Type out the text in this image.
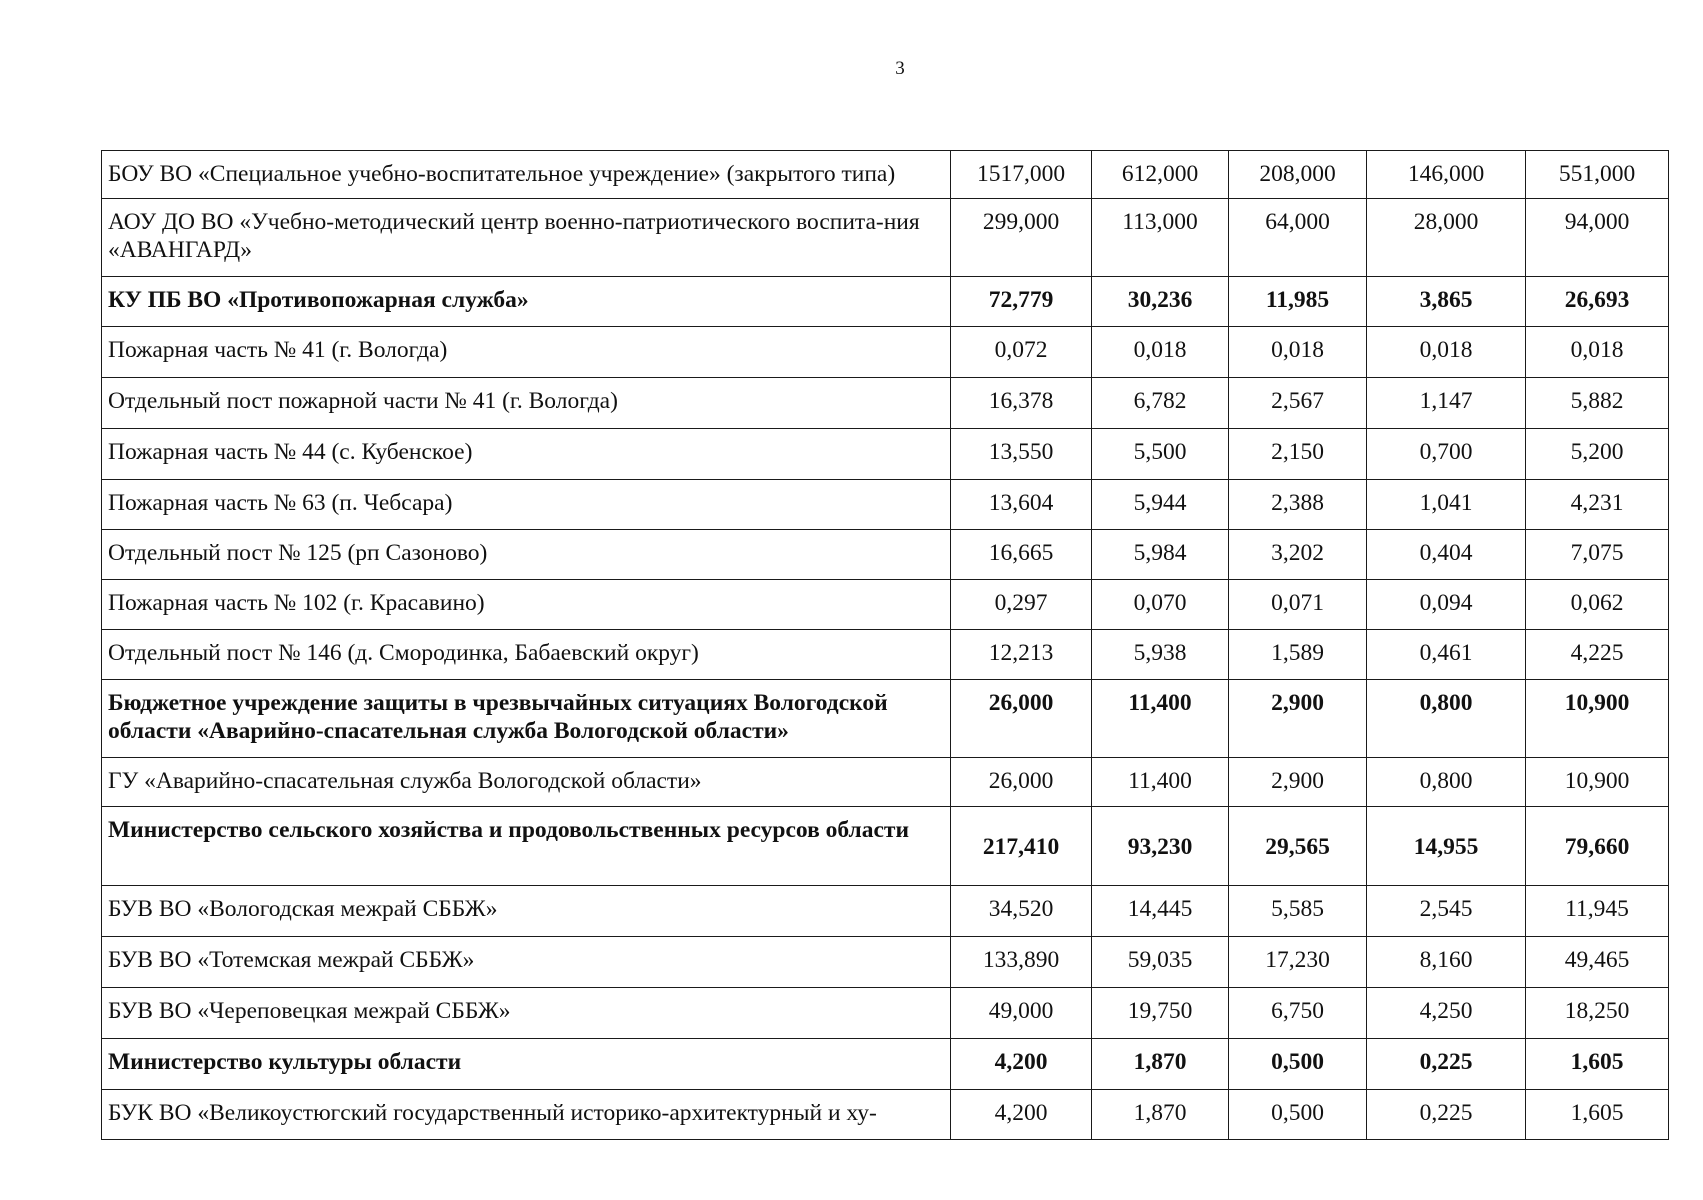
3
БОУ ВО «Специальное учебно-воспитательное учреждение» (закрытого типа)	1517,000	612,000	208,000	146,000	551,000
АОУ ДО ВО «Учебно-методический центр военно-патриотического воспита-ния «АВАНГАРД»	299,000	113,000	64,000	28,000	94,000
КУ ПБ ВО «Противопожарная служба»	72,779	30,236	11,985	3,865	26,693
Пожарная часть № 41 (г. Вологда)	0,072	0,018	0,018	0,018	0,018
Отдельный пост пожарной части № 41 (г. Вологда)	16,378	6,782	2,567	1,147	5,882
Пожарная часть № 44 (с. Кубенское)	13,550	5,500	2,150	0,700	5,200
Пожарная часть № 63 (п. Чебсара)	13,604	5,944	2,388	1,041	4,231
Отдельный пост № 125 (рп Сазоново)	16,665	5,984	3,202	0,404	7,075
Пожарная часть № 102 (г. Красавино)	0,297	0,070	0,071	0,094	0,062
Отдельный пост № 146 (д. Смородинка, Бабаевский округ)	12,213	5,938	1,589	0,461	4,225
Бюджетное учреждение защиты в чрезвычайных ситуациях Вологодской области «Аварийно-спасательная служба Вологодской области»	26,000	11,400	2,900	0,800	10,900
ГУ «Аварийно-спасательная служба Вологодской области»	26,000	11,400	2,900	0,800	10,900
Министерство сельского хозяйства и продовольственных ресурсов области	217,410	93,230	29,565	14,955	79,660
БУВ ВО «Вологодская межрай СББЖ»	34,520	14,445	5,585	2,545	11,945
БУВ ВО «Тотемская межрай СББЖ»	133,890	59,035	17,230	8,160	49,465
БУВ ВО «Череповецкая межрай СББЖ»	49,000	19,750	6,750	4,250	18,250
Министерство культуры области	4,200	1,870	0,500	0,225	1,605
БУК ВО «Великоустюгский государственный историко-архитектурный и ху-	4,200	1,870	0,500	0,225	1,605
